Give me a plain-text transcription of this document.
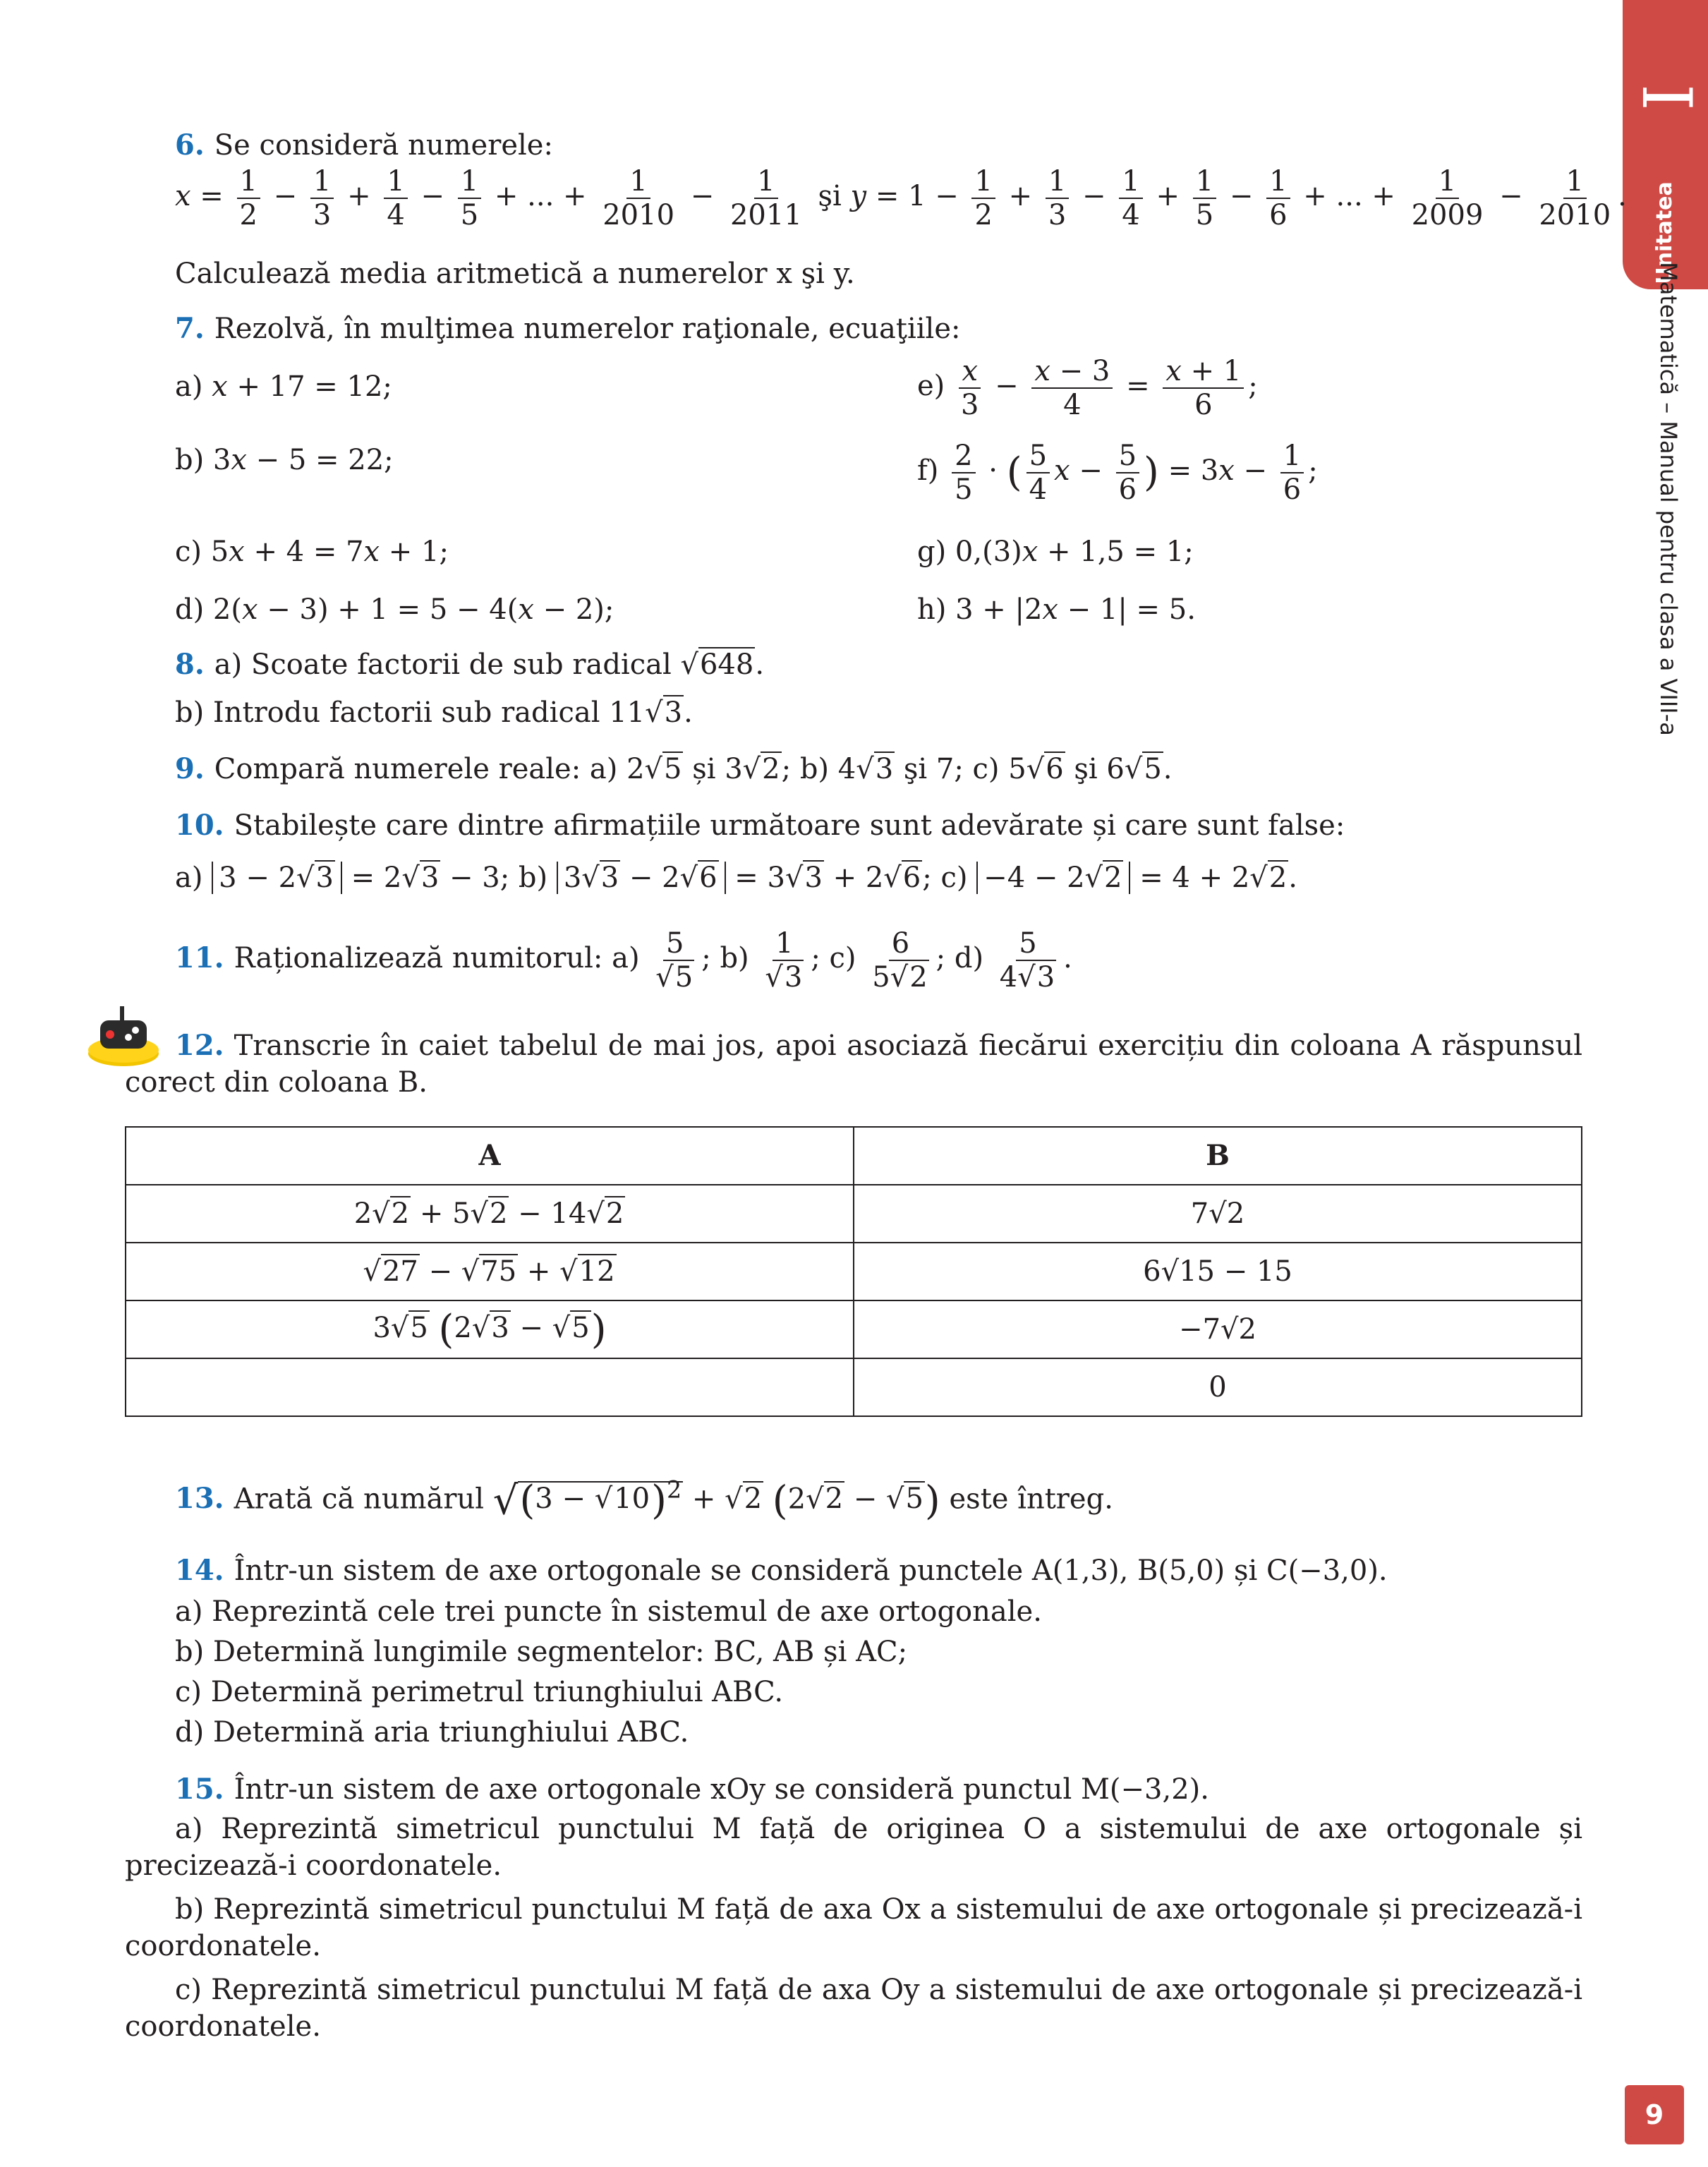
I
Unitatea
Matematică – Manual pentru clasa a VIII-a
9
6. Se consideră numerele:
$x = \frac{1}{2} - \frac{1}{3} + \frac{1}{4} - \frac{1}{5}$ + ... + $\frac{1}{2010} - \frac{1}{2011}$ şi $y = 1 - \frac{1}{2} + \frac{1}{3} - \frac{1}{4} + \frac{1}{5} - \frac{1}{6}$ + ... + $\frac{1}{2009} - \frac{1}{2010}$ .
Calculează media aritmetică a numerelor x şi y.
7. Rezolvă, în mulţimea numerelor raţionale, ecuaţiile:
a) x + 17 = 12;
b) 3x − 5 = 22;
c) 5x + 4 = 7x + 1;
d) 2(x − 3) + 1 = 5 − 4(x − 2);
$e) \frac{x}{3} - \frac{x - 3}{4} = \frac{x + 1}{6}$ ;
$f) \frac{2}{5}$ · ( $\frac{5}{4}$ $x - \frac{5}{6}$ ) = $3x - \frac{1}{6}$ ;
g) 0,(3)x + 1,5 = 1;
h) 3 + |2x − 1| = 5.
8. a) Scoate factorii de sub radical √648.
b) Introdu factorii sub radical 11√3.
9. Compară numerele reale: a) 2√5 și 3√2; b) 4√3 şi 7; c) 5√6 şi 6√5.
10. Stabilește care dintre afirmațiile următoare sunt adevărate și care sunt false:
a) 3 − 2√3 = 2√3 − 3; b) 3√3 − 2√6 = 3√3 + 2√6; c) −4 − 2√2 = 4 + 2√2.
11. Raționalizează numitorul: $a) \frac{5}{√5}$ ; $b) \frac{1}{√3}$ ; $c) \frac{6}{5√2}$ ; $d) \frac{5}{4√3}$ .
12. Transcrie în caiet tabelul de mai jos, apoi asociază fiecărui exercițiu din coloana A răspunsul corect din coloana B.
A	B
2√2 + 5√2 − 14√2	7√2
√27 − √75 + √12	6√15 − 15
3√5 (2√3 − √5)	−7√2
	0
13. Arată că numărul $√(3 - √10)^2 + √2$ (2√2 − √5) este întreg.
14. Într-un sistem de axe ortogonale se consideră punctele A(1,3), B(5,0) și C(−3,0).
a) Reprezintă cele trei puncte în sistemul de axe ortogonale.
b) Determină lungimile segmentelor: BC, AB și AC;
c) Determină perimetrul triunghiului ABC.
d) Determină aria triunghiului ABC.
15. Într-un sistem de axe ortogonale xOy se consideră punctul M(−3,2).
a) Reprezintă simetricul punctului M față de originea O a sistemului de axe ortogonale și precizează-i coordonatele.
b) Reprezintă simetricul punctului M față de axa Ox a sistemului de axe ortogonale și precizează-i coordonatele.
c) Reprezintă simetricul punctului M față de axa Oy a sistemului de axe ortogonale și precizează-i coordonatele.
